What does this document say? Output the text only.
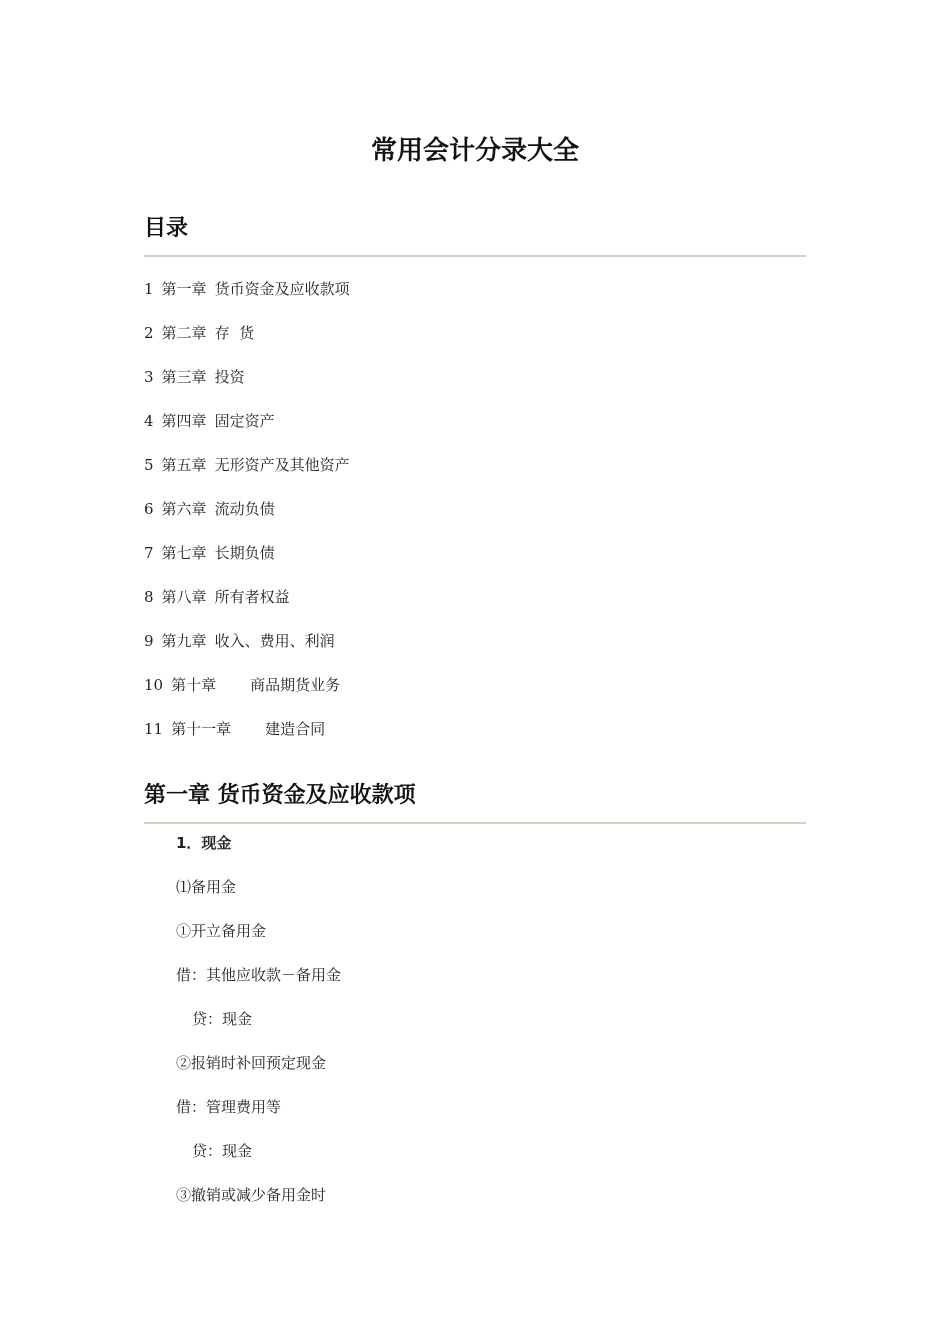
常用会计分录大全
目录
1 第一章 货币资金及应收款项
2 第二章 存  货
3 第三章 投资
4 第四章 固定资产
5 第五章 无形资产及其他资产
6 第六章 流动负债
7 第七章 长期负债
8 第八章 所有者权益
9 第九章 收入、费用、利润
10 第十章 商品期货业务
11 第十一章 建造合同
第一章 货币资金及应收款项
1．现金
⑴备用金
①开立备用金
借：其他应收款－备用金
贷：现金
②报销时补回预定现金
借：管理费用等
贷：现金
③撤销或减少备用金时
